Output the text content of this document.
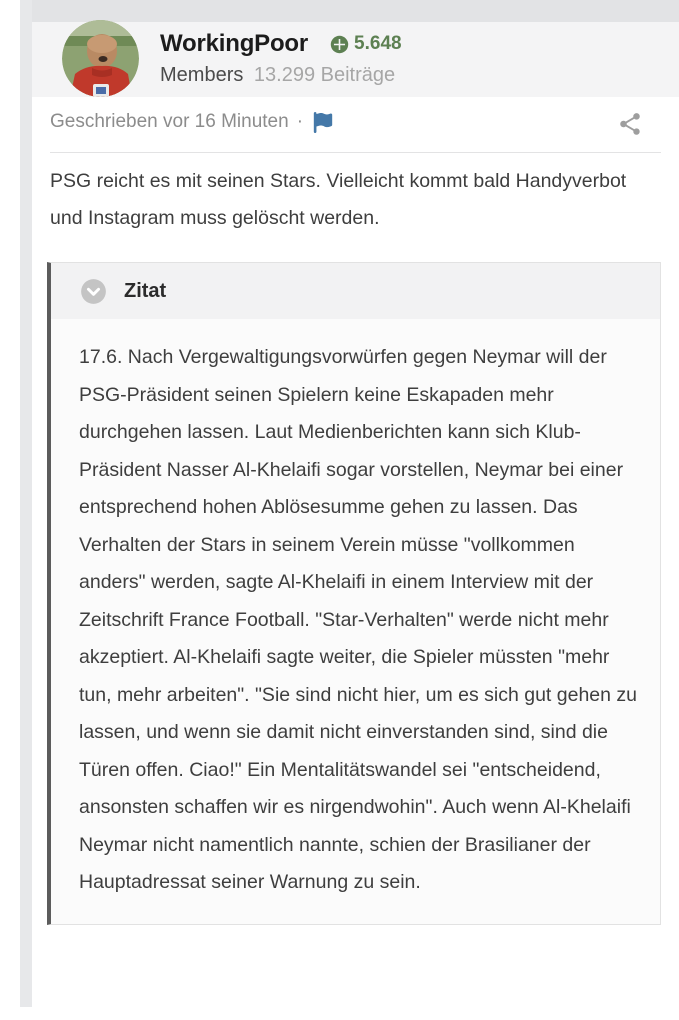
WorkingPoor 5.648
Members 13.299 Beiträge
Geschrieben vor 16 Minuten ·

PSG reicht es mit seinen Stars. Vielleicht kommt bald Handyverbot und Instagram muss gelöscht werden.

Zitat

17.6. Nach Vergewaltigungsvorwürfen gegen Neymar will der PSG-Präsident seinen Spielern keine Eskapaden mehr durchgehen lassen. Laut Medienberichten kann sich Klub-Präsident Nasser Al-Khelaifi sogar vorstellen, Neymar bei einer entsprechend hohen Ablösesumme gehen zu lassen. Das Verhalten der Stars in seinem Verein müsse "vollkommen anders" werden, sagte Al-Khelaifi in einem Interview mit der Zeitschrift France Football. "Star-Verhalten" werde nicht mehr akzeptiert. Al-Khelaifi sagte weiter, die Spieler müssten "mehr tun, mehr arbeiten". "Sie sind nicht hier, um es sich gut gehen zu lassen, und wenn sie damit nicht einverstanden sind, sind die Türen offen. Ciao!" Ein Mentalitätswandel sei "entscheidend, ansonsten schaffen wir es nirgendwohin". Auch wenn Al-Khelaifi Neymar nicht namentlich nannte, schien der Brasilianer der Hauptadressat seiner Warnung zu sein.
